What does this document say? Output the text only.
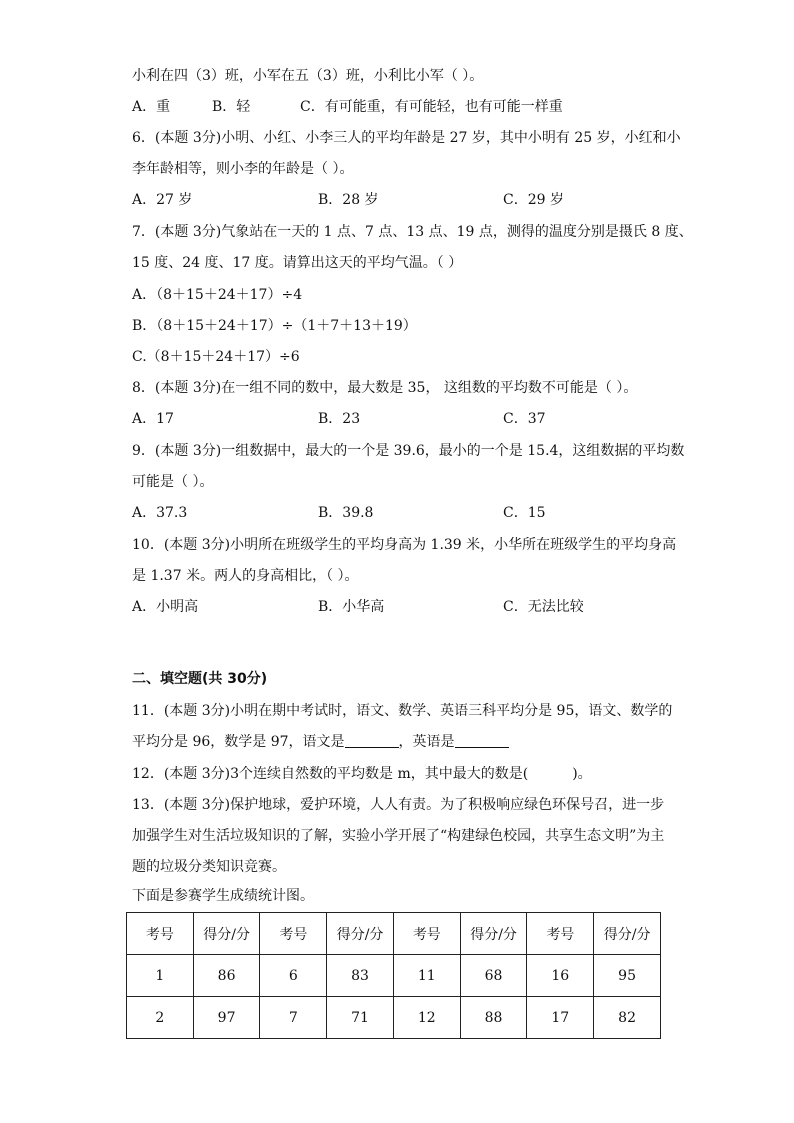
小利在四（3）班，小军在五（3）班，小利比小军（ ）。
A．重	B．轻	C．有可能重，有可能轻，也有可能一样重
6．(本题 3分)小明、小红、小李三人的平均年龄是 27 岁，其中小明有 25 岁，小红和小
李年龄相等，则小李的年龄是（ ）。
A．27 岁	B．28 岁	C．29 岁
7．(本题 3分)气象站在一天的 1 点、7 点、13 点、19 点，测得的温度分别是摄氏 8 度、
15 度、24 度、17 度。请算出这天的平均气温。（ ）
A．（8＋15＋24＋17）÷4
B．（8＋15＋24＋17）÷（1＋7＋13＋19）
C.（8＋15＋24＋17）÷6
8．(本题 3分)在一组不同的数中，最大数是 35， 这组数的平均数不可能是（ ）。
A．17	B．23	C．37
9．(本题 3分)一组数据中，最大的一个是 39.6，最小的一个是 15.4，这组数据的平均数
可能是（ ）。
A．37.3	B．39.8	C．15
10．(本题 3分)小明所在班级学生的平均身高为 1.39 米，小华所在班级学生的平均身高
是 1.37 米。两人的身高相比，（ ）。
A．小明高	B．小华高	C．无法比较
二、填空题(共 30分)
11．(本题 3分)小明在期中考试时，语文、数学、英语三科平均分是 95，语文、数学的
平均分是 96，数学是 97，语文是	，英语是
12．(本题 3分)3个连续自然数的平均数是 m，其中最大的数是(	)。
13．(本题 3分)保护地球，爱护环境，人人有责。为了积极响应绿色环保号召，进一步
加强学生对生活垃圾知识的了解，实验小学开展了“构建绿色校园，共享生态文明”为主
题的垃圾分类知识竞赛。
下面是参赛学生成绩统计图。
考号	得分/分	考号	得分/分	考号	得分/分	考号	得分/分
1	86	6	83	11	68	16	95
2	97	7	71	12	88	17	82
